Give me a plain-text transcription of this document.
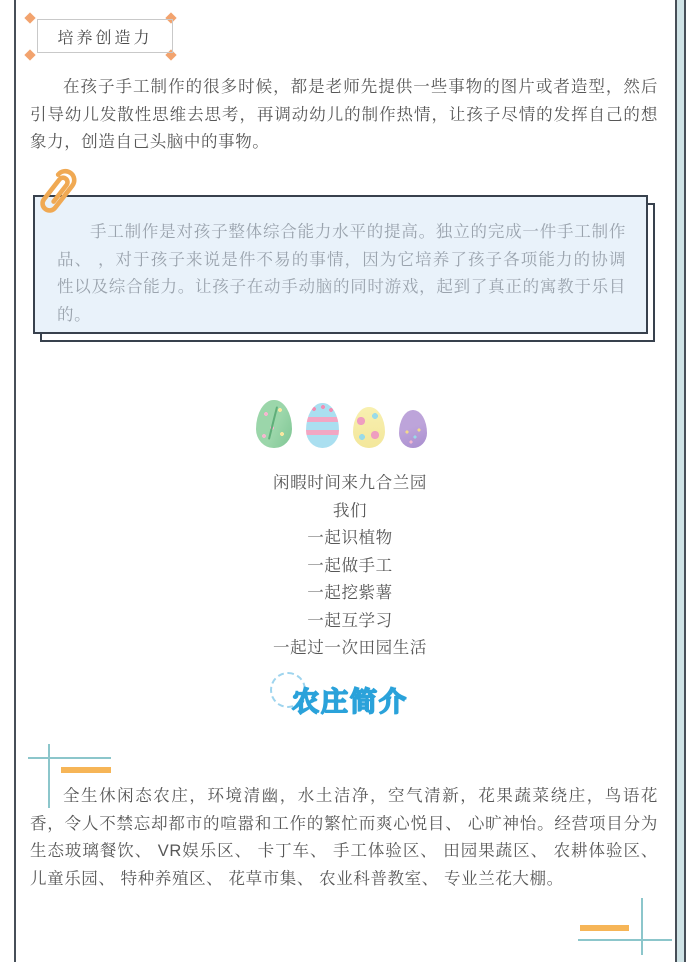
培养创造力

在孩子手工制作的很多时候，都是老师先提供一些事物的图片或者造型，然后引导幼儿发散性思维去思考，再调动幼儿的制作热情，让孩子尽情的发挥自己的想象力，创造自己头脑中的事物。

手工制作是对孩子整体综合能力水平的提高。独立的完成一件手工制作品、 ，对于孩子来说是件不易的事情，因为它培养了孩子各项能力的协调性以及综合能力。让孩子在动手动脑的同时游戏，起到了真正的寓教于乐目的。

闲暇时间来九合兰园
我们
一起识植物
一起做手工
一起挖紫薯
一起互学习
一起过一次田园生活
农庄简介

全生休闲态农庄，环境清幽，水土洁净，空气清新，花果蔬菜绕庄，鸟语花香，令人不禁忘却都市的喧嚣和工作的繁忙而爽心悦目、 心旷神怡。经营项目分为生态玻璃餐饮、 VR娱乐区、 卡丁车、 手工体验区、 田园果蔬区、 农耕体验区、 儿童乐园、 特种养殖区、 花草市集、 农业科普教室、 专业兰花大棚。
